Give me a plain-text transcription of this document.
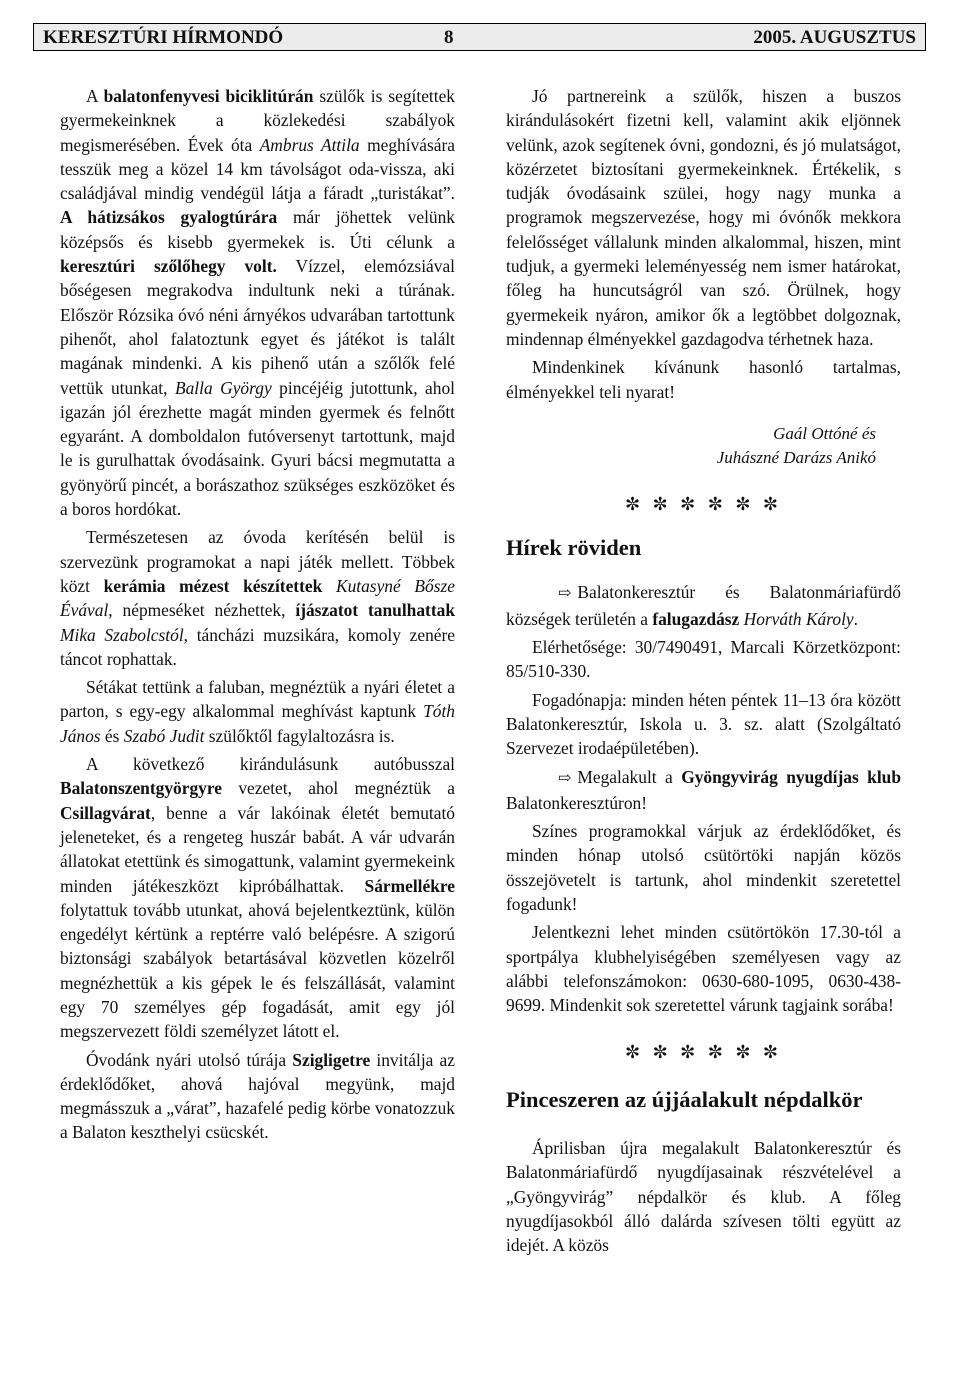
KERESZTÚRI HÍRMONDÓ	8	2005. AUGUSZTUS

A balatonfenyvesi biciklitúrán szülők is segítettek gyermekeinknek a közlekedési szabályok megismerésében. Évek óta Ambrus Attila meghívására tesszük meg a közel 14 km távolságot oda-vissza, aki családjával mindig vendégül látja a fáradt „turistákat”. A hátizsákos gyalogtúrára már jöhettek velünk középsős és kisebb gyermekek is. Úti célunk a keresztúri szőlőhegy volt. Vízzel, elemózsiával bőségesen megrakodva indultunk neki a túrának. Először Rózsika óvó néni árnyékos udvarában tartottunk pihenőt, ahol falatoztunk egyet és játékot is talált magának mindenki. A kis pihenő után a szőlők felé vettük utunkat, Balla György pincéjéig jutottunk, ahol igazán jól érezhette magát minden gyermek és felnőtt egyaránt. A domboldalon futóversenyt tartottunk, majd le is gurulhattak óvodásaink. Gyuri bácsi megmutatta a gyönyörű pincét, a borászathoz szükséges eszközöket és a boros hordókat.

Természetesen az óvoda kerítésén belül is szervezünk programokat a napi játék mellett. Többek közt kerámia mézest készítettek Kutasyné Bősze Évával, népmeséket nézhettek, íjászatot tanulhattak Mika Szabolcstól, táncházi muzsikára, komoly zenére táncot rophattak.

Sétákat tettünk a faluban, megnéztük a nyári életet a parton, s egy-egy alkalommal meghívást kaptunk Tóth János és Szabó Judit szülőktől fagylaltozásra is.

A következő kirándulásunk autóbusszal Balatonszentgyörgyre vezetet, ahol megnéztük a Csillagvárat, benne a vár lakóinak életét bemutató jeleneteket, és a rengeteg huszár babát. A vár udvarán állatokat etettünk és simogattunk, valamint gyermekeink minden játékeszközt kipróbálhattak. Sármellékre folytattuk tovább utunkat, ahová bejelentkeztünk, külön engedélyt kértünk a reptérre való belépésre. A szigorú biztonsági szabályok betartásával közvetlen közelről megnézhettük a kis gépek le és felszállását, valamint egy 70 személyes gép fogadását, amit egy jól megszervezett földi személyzet látott el.

Óvodánk nyári utolsó túrája Szigligetre invitálja az érdeklődőket, ahová hajóval megyünk, majd megmásszuk a „várat”, hazafelé pedig körbe vonatozzuk a Balaton keszthelyi csücskét.

Jó partnereink a szülők, hiszen a buszos kirándulásokért fizetni kell, valamint akik eljönnek velünk, azok segítenek óvni, gondozni, és jó mulatságot, közérzetet biztosítani gyermekeinknek. Értékelik, s tudják óvodásaink szülei, hogy nagy munka a programok megszervezése, hogy mi óvónők mekkora felelősséget vállalunk minden alkalommal, hiszen, mint tudjuk, a gyermeki leleményesség nem ismer határokat, főleg ha huncutságról van szó. Örülnek, hogy gyermekeik nyáron, amikor ők a legtöbbet dolgoznak, mindennap élményekkel gazdagodva térhetnek haza.

Mindenkinek kívánunk hasonló tartalmas, élményekkel teli nyarat!

Gaál Ottóné és
Juhászné Darázs Anikó
✼ ✼ ✼ ✼ ✼ ✼
Hírek röviden

⇨ Balatonkeresztúr és Balatonmáriafürdő községek területén a falugazdász Horváth Károly.

Elérhetősége: 30/7490491, Marcali Körzetközpont: 85/510-330.

Fogadónapja: minden héten péntek 11–13 óra között Balatonkeresztúr, Iskola u. 3. sz. alatt (Szolgáltató Szervezet irodaépületében).

⇨ Megalakult a Gyöngyvirág nyugdíjas klub Balatonkeresztúron!

Színes programokkal várjuk az érdeklődőket, és minden hónap utolsó csütörtöki napján közös összejövetelt is tartunk, ahol mindenkit szeretettel fogadunk!

Jelentkezni lehet minden csütörtökön 17.30-tól a sportpálya klubhelyiségében személyesen vagy az alábbi telefonszámokon: 0630-680-1095, 0630-438-9699. Mindenkit sok szeretettel várunk tagjaink sorába!

✼ ✼ ✼ ✼ ✼ ✼
Pinceszeren az újjáalakult népdalkör

Áprilisban újra megalakult Balatonkeresztúr és Balatonmáriafürdő nyugdíjasainak részvételével a „Gyöngyvirág” népdalkör és klub. A főleg nyugdíjasokból álló dalárda szívesen tölti együtt az idejét. A közös
